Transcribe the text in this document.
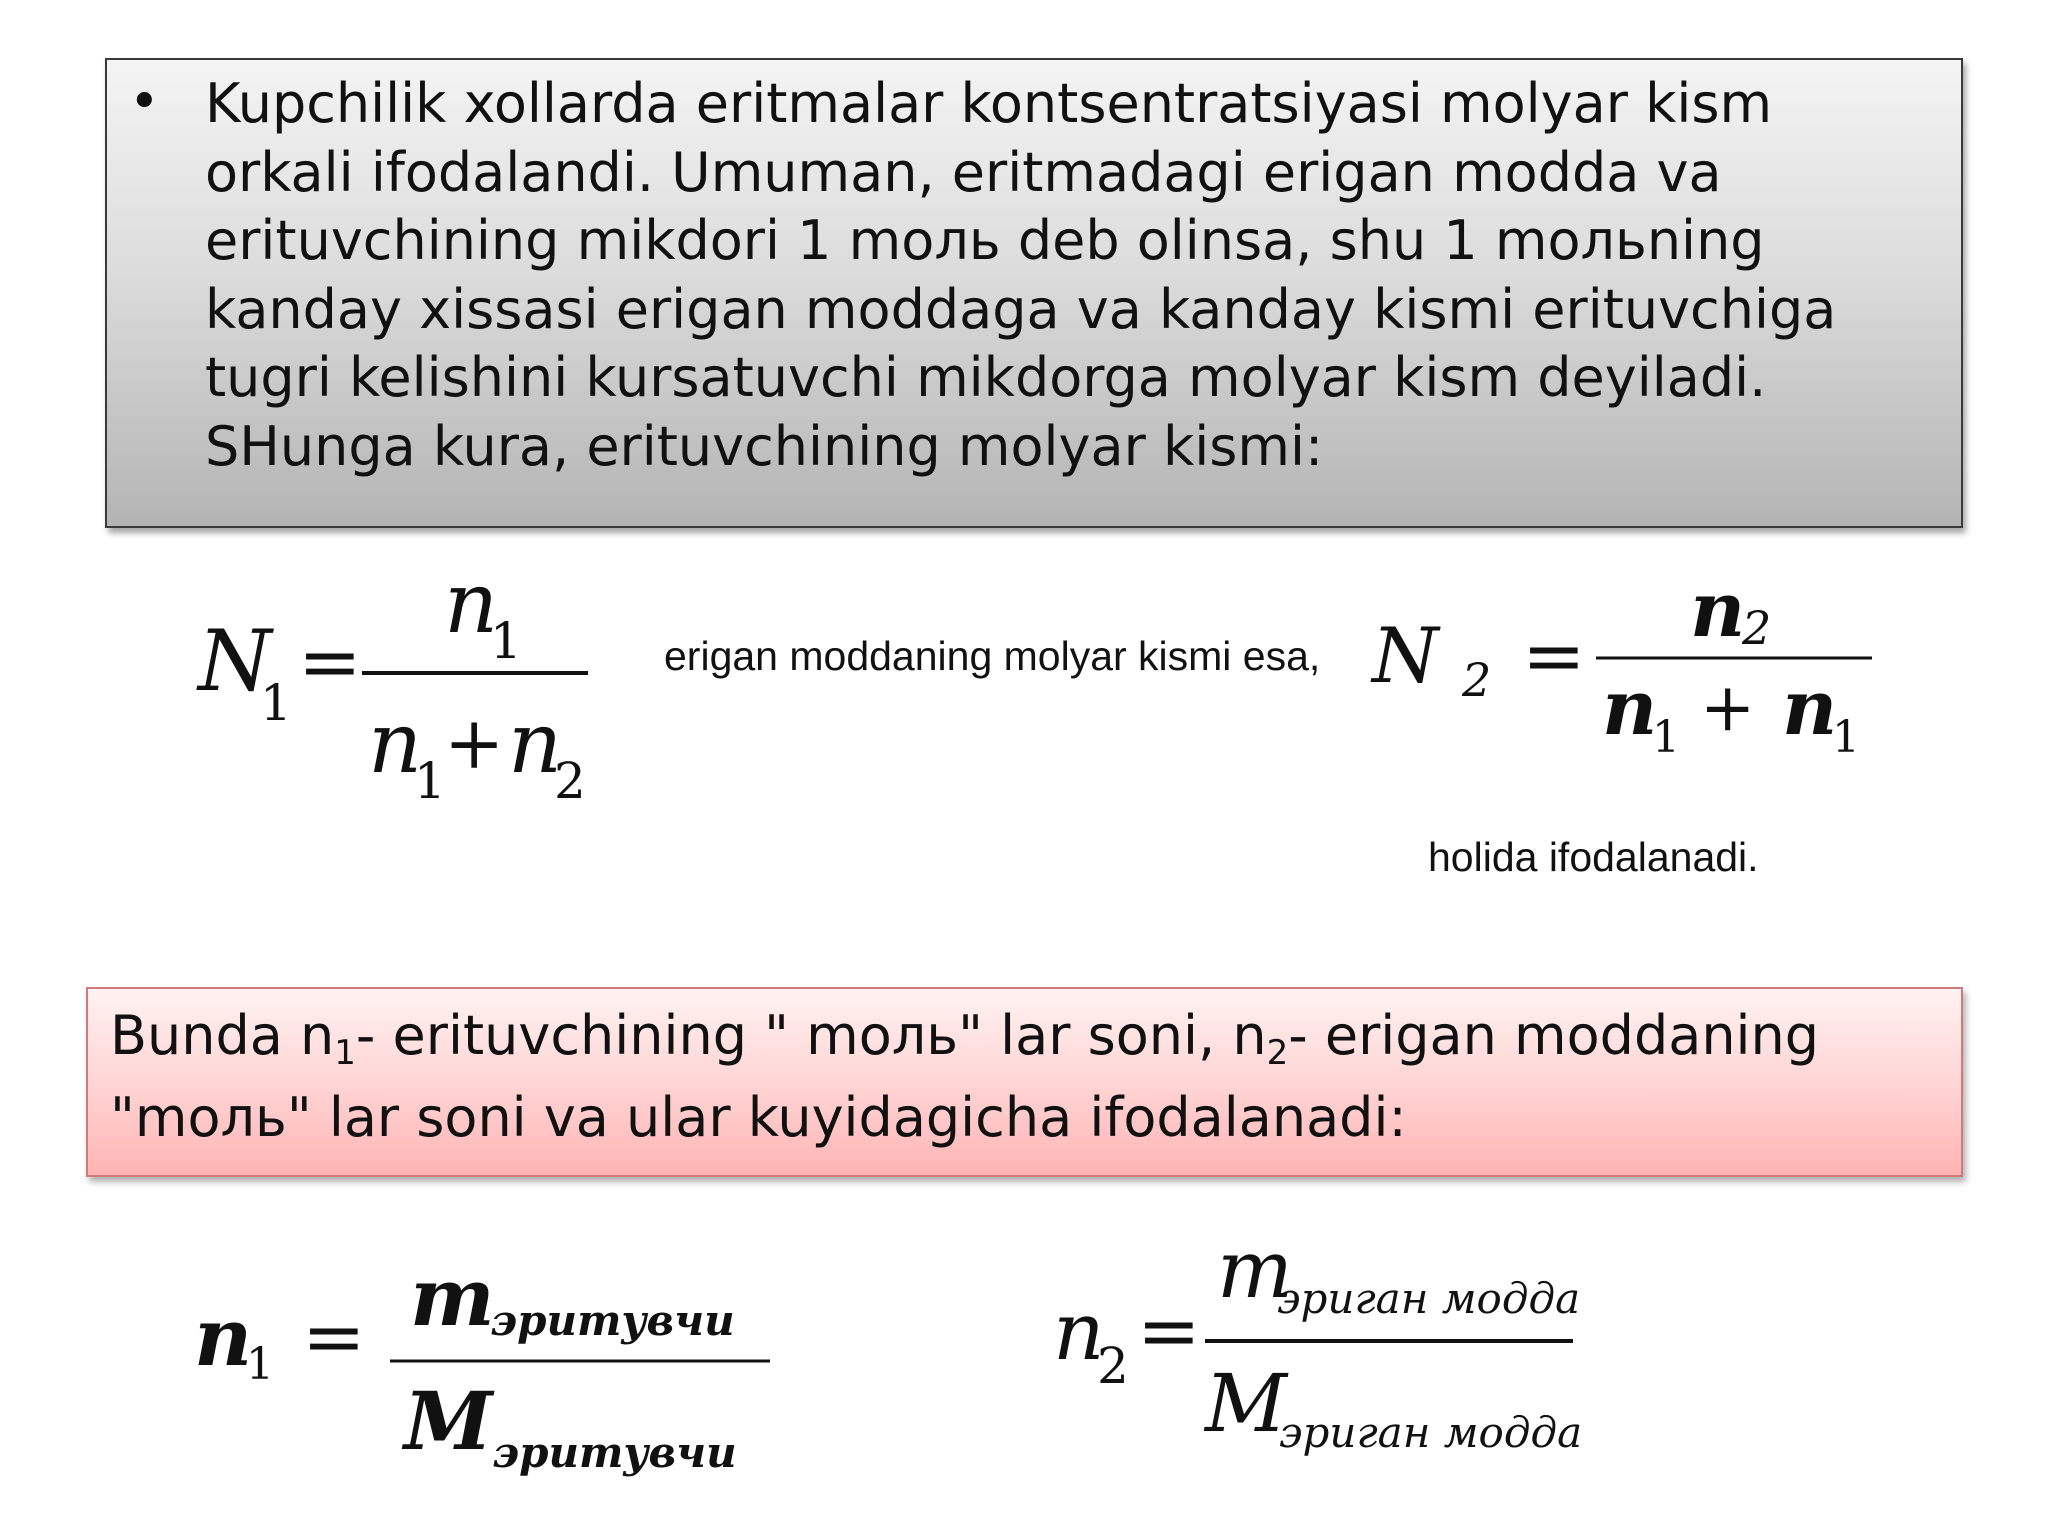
• Kupchilik xollarda eritmalar kontsentratsiyasi molyar kism
orkali ifodalandi. Umuman, eritmadagi erigan modda va
erituvchining mikdori 1 moль deb olinsa, shu 1 moльning
kanday xissasi erigan moddaga va kanday kismi erituvchiga
tugri kelishini kursatuvchi mikdorga molyar kism deyiladi.
SHunga kura, erituvchining molyar kismi:

N
1 =
n
1
n
1
+ n
2

erigan moddaning molyar kismi esa, N 2 =
n
2
n
1 + n
1

holida ifodalanadi.

Bunda $n_1-$ erituvchining " moль" lar soni, $n_2-$ erigan moddaning

"moль" lar soni va ular kuyidagicha ifodalanadi:

n
1 = m
эритувчи
M эритувчи
n
2 =
m
эриган модда
M
эриган модда
